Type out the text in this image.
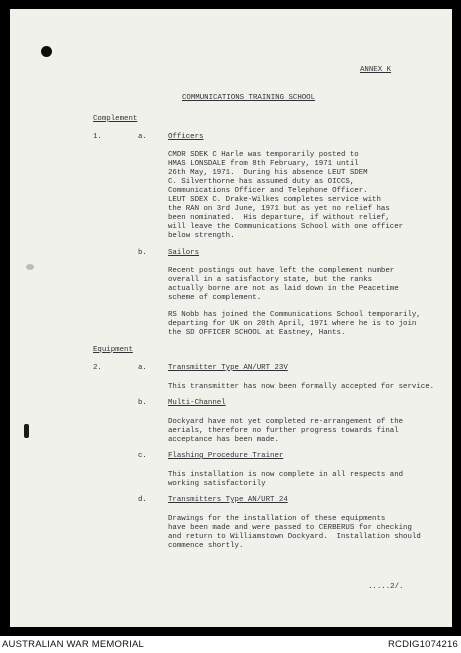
ANNEX K
COMMUNICATIONS TRAINING SCHOOL
Complement
1.	a.	Officers
CMDR SDEK C Harle was temporarily posted to
HMAS LONSDALE from 8th February, 1971 until
26th May, 1971.  During his absence LEUT SDEM
C. Silverthorne has assumed duty as OICCS,
Communications Officer and Telephone Officer.
LEUT SDEX C. Drake-Wilkes completes service with
the RAN on 3rd June, 1971 but as yet no relief has
been nominated.  His departure, if without relief,
will leave the Communications School with one officer
below strength.
b.	Sailors
Recent postings out have left the complement number
overall in a satisfactory state, but the ranks
actually borne are not as laid down in the Peacetime
scheme of complement.
RS Nobb has joined the Communications School temporarily,
departing for UK on 20th April, 1971 where he is to join
the SD OFFICER SCHOOL at Eastney, Hants.
Equipment
2.	a.	Transmitter Type AN/URT 23V
This transmitter has now been formally accepted for service.
b.	Multi-Channel
Dockyard have not yet completed re-arrangement of the
aerials, therefore no further progress towards final
acceptance has been made.
c.	Flashing Procedure Trainer
This installation is now complete in all respects and
working satisfactorily
d.	Transmitters Type AN/URT 24
Drawings for the installation of these equipments
have been made and were passed to CERBERUS for checking
and return to Williamstown Dockyard.  Installation should
commence shortly.
.....2/.
AUSTRALIAN WAR MEMORIAL	RCDIG1074216
